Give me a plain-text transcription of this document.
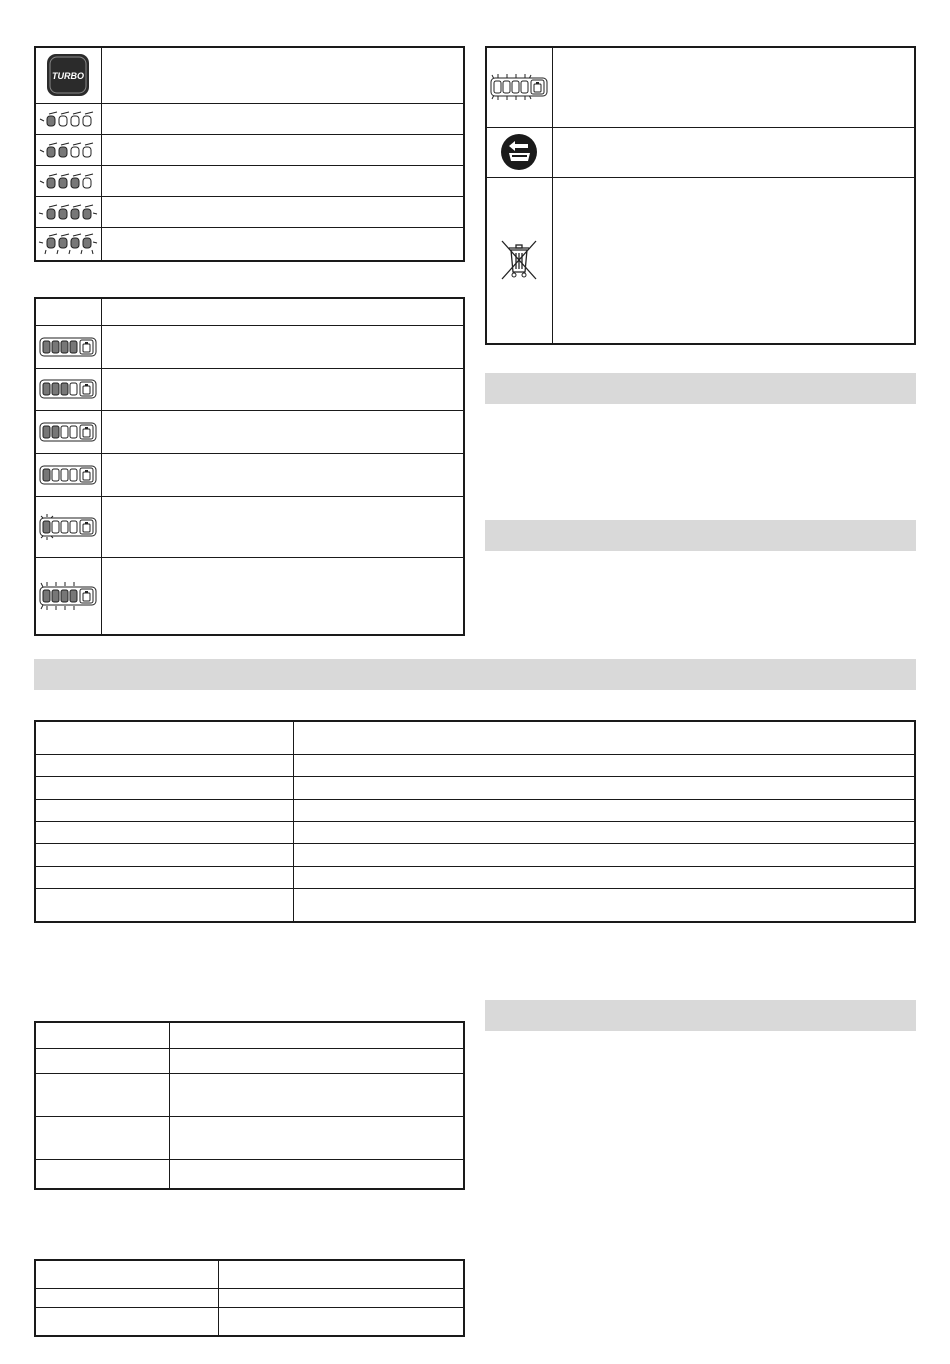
TURBO	
